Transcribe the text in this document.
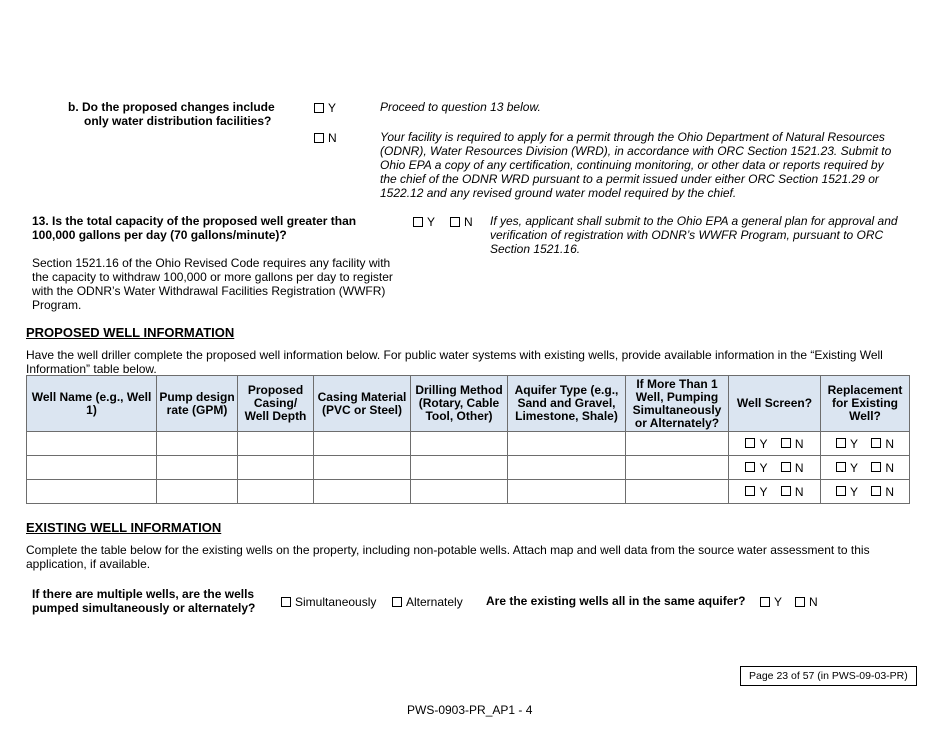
b. Do the proposed changes include only water distribution facilities?
Y
N
Proceed to question 13 below.
Your facility is required to apply for a permit through the Ohio Department of Natural Resources (ODNR), Water Resources Division (WRD), in accordance with ORC Section 1521.23. Submit to Ohio EPA a copy of any certification, continuing monitoring, or other data or reports required by the chief of the ODNR WRD pursuant to a permit issued under either ORC Section 1521.29 or 1522.12 and any revised ground water model required by the chief.
13. Is the total capacity of the proposed well greater than 100,000 gallons per day (70 gallons/minute)?
Y	N If yes, applicant shall submit to the Ohio EPA a general plan for approval and verification of registration with ODNR’s WWFR Program, pursuant to ORC Section 1521.16.
Section 1521.16 of the Ohio Revised Code requires any facility with the capacity to withdraw 100,000 or more gallons per day to register with the ODNR’s Water Withdrawal Facilities Registration (WWFR) Program.
PROPOSED WELL INFORMATION
Have the well driller complete the proposed well information below. For public water systems with existing wells, provide available information in the “Existing Well Information” table below.
Well Name (e.g., Well 1)	Pump design rate (GPM)	Proposed Casing/ Well Depth	Casing Material (PVC or Steel)	Drilling Method (Rotary, Cable Tool, Other)	Aquifer Type (e.g., Sand and Gravel, Limestone, Shale)	If More Than 1 Well, Pumping Simultaneously or Alternately?	Well Screen?	Replacement for Existing Well?
							Y N	Y N
							Y N	Y N
							Y N	Y N
EXISTING WELL INFORMATION
Complete the table below for the existing wells on the property, including non-potable wells. Attach map and well data from the source water assessment to this application, if available.
If there are multiple wells, are the wells pumped simultaneously or alternately?	Simultaneously	Alternately Are the existing wells all in the same aquifer?	Y	N
Page 23 of 57 (in PWS-09-03-PR)
PWS-0903-PR_AP1 - 4
